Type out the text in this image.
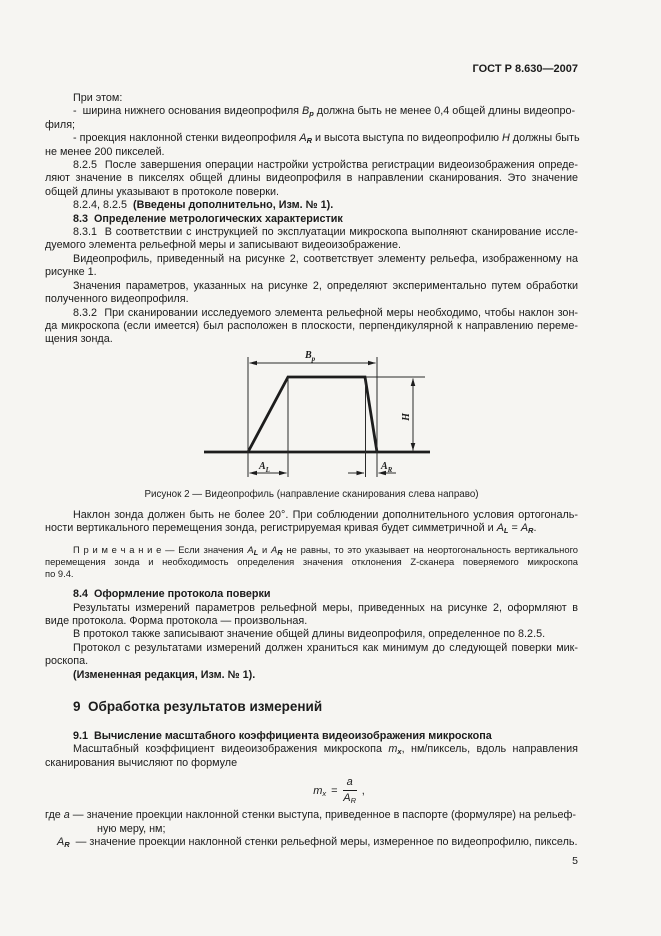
ГОСТ Р 8.630—2007
При этом:
-  ширина нижнего основания видеопрофиля $B_p$ должна быть не менее 0,4 общей длины видеопро-
филя;
- проекция наклонной стенки видеопрофиля $A_R$ и высота выступа по видеопрофилю H должны быть
не менее 200 пикселей.
8.2.5  После завершения операции настройки устройства регистрации видеоизображения опреде-
ляют значение в пикселях общей длины видеопрофиля в направлении сканирования. Это значение
общей длины указывают в протоколе поверки.
8.2.4, 8.2.5  (Введены дополнительно, Изм. № 1).
8.3  Определение метрологических характеристик
8.3.1  В соответствии с инструкцией по эксплуатации микроскопа выполняют сканирование иссле-
дуемого элемента рельефной меры и записывают видеоизображение.
Видеопрофиль, приведенный на рисунке 2, соответствует элементу рельефа, изображенному на
рисунке 1.
Значения параметров, указанных на рисунке 2, определяют экспериментально путем обработки
полученного видеопрофиля.
8.3.2  При сканировании исследуемого элемента рельефной меры необходимо, чтобы наклон зон-
да микроскопа (если имеется) был расположен в плоскости, перпендикулярной к направлению переме-
щения зонда.
$B_p$
$A_L$	$A_R$
H
Рисунок 2 — Видеопрофиль (направление сканирования слева направо)
Наклон зонда должен быть не более 20°. При соблюдении дополнительного условия ортогональ-
ности вертикального перемещения зонда, регистрируемая кривая будет симметричной и $A_L = A_R$.
П р и м е ч а н и е — Если значения $A_L$ и $A_R$ не равны, то это указывает на неортогональность вертикального
перемещения зонда и необходимость определения значения отклонения Z-сканера поверяемого микроскопа
по 9.4.
8.4  Оформление протокола поверки
Результаты измерений параметров рельефной меры, приведенных на рисунке 2, оформляют в
виде протокола. Форма протокола — произвольная.
В протокол также записывают значение общей длины видеопрофиля, определенное по 8.2.5.
Протокол с результатами измерений должен храниться как минимум до следующей поверки мик-
роскопа.
(Измененная редакция, Изм. № 1).
9  Обработка результатов измерений
9.1  Вычисление масштабного коэффициента видеоизображения микроскопа
Масштабный коэффициент видеоизображения микроскопа $m_x$, нм/пиксель, вдоль направления
сканирования вычисляют по формуле
$m_x = \frac{a}{A_R}$ ,
где a — значение проекции наклонной стенки выступа, приведенное в паспорте (формуляре) на рельеф-
ную меру, нм;
$A_R$  — значение проекции наклонной стенки рельефной меры, измеренное по видеопрофилю, пиксель.
5
